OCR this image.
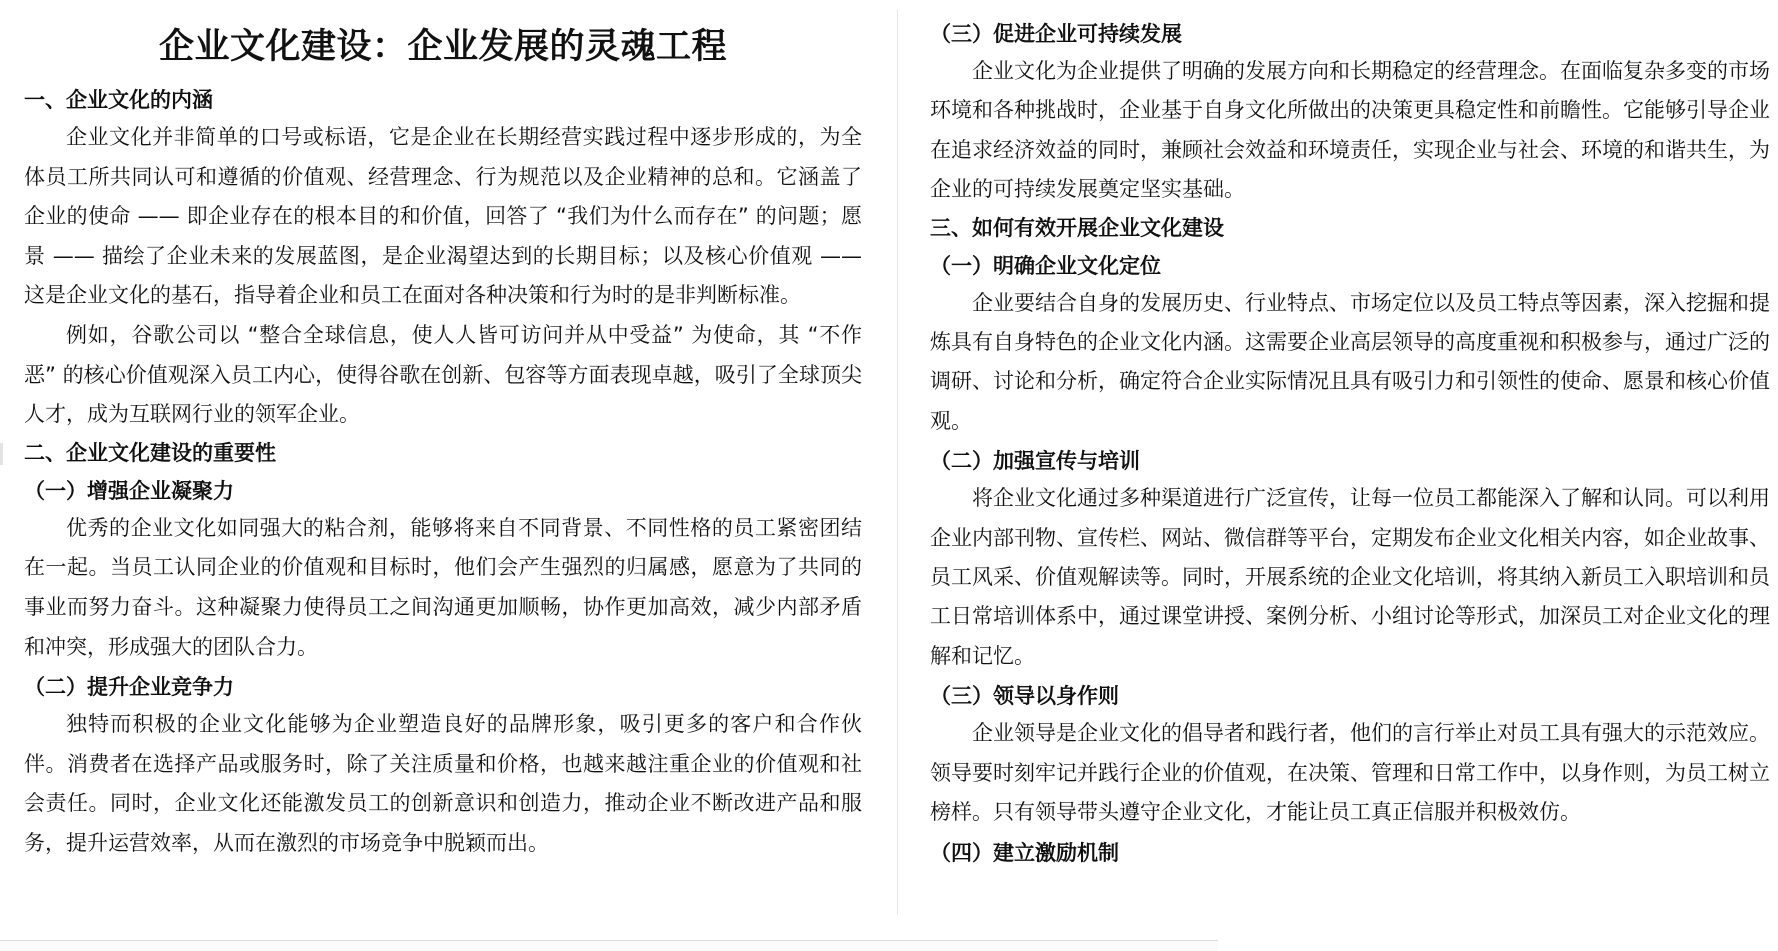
企业文化建设：企业发展的灵魂工程
一、企业文化的内涵

企业文化并非简单的口号或标语，它是企业在长期经营实践过程中逐步形成的，为全体员工所共同认可和遵循的价值观、经营理念、行为规范以及企业精神的总和。它涵盖了企业的使命 —— 即企业存在的根本目的和价值，回答了 “我们为什么而存在” 的问题；愿景 —— 描绘了企业未来的发展蓝图，是企业渴望达到的长期目标；以及核心价值观 —— 这是企业文化的基石，指导着企业和员工在面对各种决策和行为时的是非判断标准。

例如，谷歌公司以 “整合全球信息，使人人皆可访问并从中受益” 为使命，其 “不作恶” 的核心价值观深入员工内心，使得谷歌在创新、包容等方面表现卓越，吸引了全球顶尖人才，成为互联网行业的领军企业。

二、企业文化建设的重要性
（一）增强企业凝聚力

优秀的企业文化如同强大的粘合剂，能够将来自不同背景、不同性格的员工紧密团结在一起。当员工认同企业的价值观和目标时，他们会产生强烈的归属感，愿意为了共同的事业而努力奋斗。这种凝聚力使得员工之间沟通更加顺畅，协作更加高效，减少内部矛盾和冲突，形成强大的团队合力。

（二）提升企业竞争力

独特而积极的企业文化能够为企业塑造良好的品牌形象，吸引更多的客户和合作伙伴。消费者在选择产品或服务时，除了关注质量和价格，也越来越注重企业的价值观和社会责任。同时，企业文化还能激发员工的创新意识和创造力，推动企业不断改进产品和服务，提升运营效率，从而在激烈的市场竞争中脱颖而出。

（三）促进企业可持续发展

企业文化为企业提供了明确的发展方向和长期稳定的经营理念。在面临复杂多变的市场环境和各种挑战时，企业基于自身文化所做出的决策更具稳定性和前瞻性。它能够引导企业在追求经济效益的同时，兼顾社会效益和环境责任，实现企业与社会、环境的和谐共生，为企业的可持续发展奠定坚实基础。

三、如何有效开展企业文化建设
（一）明确企业文化定位

企业要结合自身的发展历史、行业特点、市场定位以及员工特点等因素，深入挖掘和提炼具有自身特色的企业文化内涵。这需要企业高层领导的高度重视和积极参与，通过广泛的调研、讨论和分析，确定符合企业实际情况且具有吸引力和引领性的使命、愿景和核心价值观。

（二）加强宣传与培训

将企业文化通过多种渠道进行广泛宣传，让每一位员工都能深入了解和认同。可以利用企业内部刊物、宣传栏、网站、微信群等平台，定期发布企业文化相关内容，如企业故事、员工风采、价值观解读等。同时，开展系统的企业文化培训，将其纳入新员工入职培训和员工日常培训体系中，通过课堂讲授、案例分析、小组讨论等形式，加深员工对企业文化的理解和记忆。

（三）领导以身作则

企业领导是企业文化的倡导者和践行者，他们的言行举止对员工具有强大的示范效应。领导要时刻牢记并践行企业的价值观，在决策、管理和日常工作中，以身作则，为员工树立榜样。只有领导带头遵守企业文化，才能让员工真正信服并积极效仿。

（四）建立激励机制
